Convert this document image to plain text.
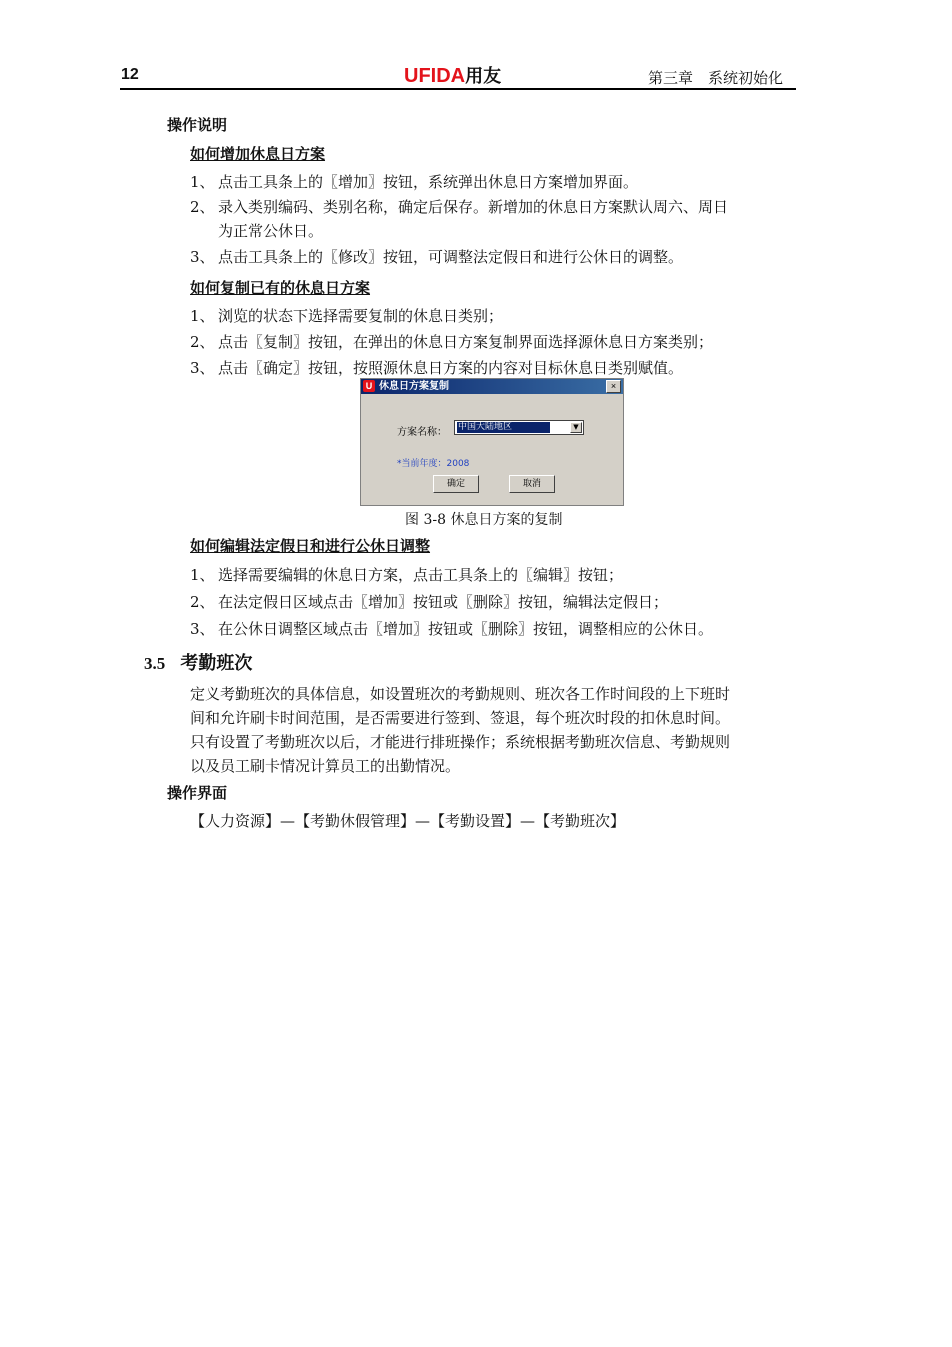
12	UFIDA用友	第三章　系统初始化
操作说明
如何增加休息日方案
1、 点击工具条上的〖增加〗按钮，系统弹出休息日方案增加界面。
2、 录入类别编码、类别名称，确定后保存。新增加的休息日方案默认周六、周日
为正常公休日。
3、 点击工具条上的〖修改〗按钮，可调整法定假日和进行公休日的调整。
如何复制已有的休息日方案
1、 浏览的状态下选择需要复制的休息日类别；
2、 点击〖复制〗按钮，在弹出的休息日方案复制界面选择源休息日方案类别；
3、 点击〖确定〗按钮，按照源休息日方案的内容对目标休息日类别赋值。
U 休息日方案复制	×
方案名称： 中国大陆地区	▼
*当前年度：2008
确定	取消
图 3-8 休息日方案的复制
如何编辑法定假日和进行公休日调整
1、 选择需要编辑的休息日方案，点击工具条上的〖编辑〗按钮；
2、 在法定假日区域点击〖增加〗按钮或〖删除〗按钮，编辑法定假日；
3、 在公休日调整区域点击〖增加〗按钮或〖删除〗按钮，调整相应的公休日。
3.5 考勤班次
定义考勤班次的具体信息，如设置班次的考勤规则、班次各工作时间段的上下班时
间和允许刷卡时间范围，是否需要进行签到、签退，每个班次时段的扣休息时间。
只有设置了考勤班次以后，才能进行排班操作；系统根据考勤班次信息、考勤规则
以及员工刷卡情况计算员工的出勤情况。
操作界面
【人力资源】—【考勤休假管理】—【考勤设置】—【考勤班次】
